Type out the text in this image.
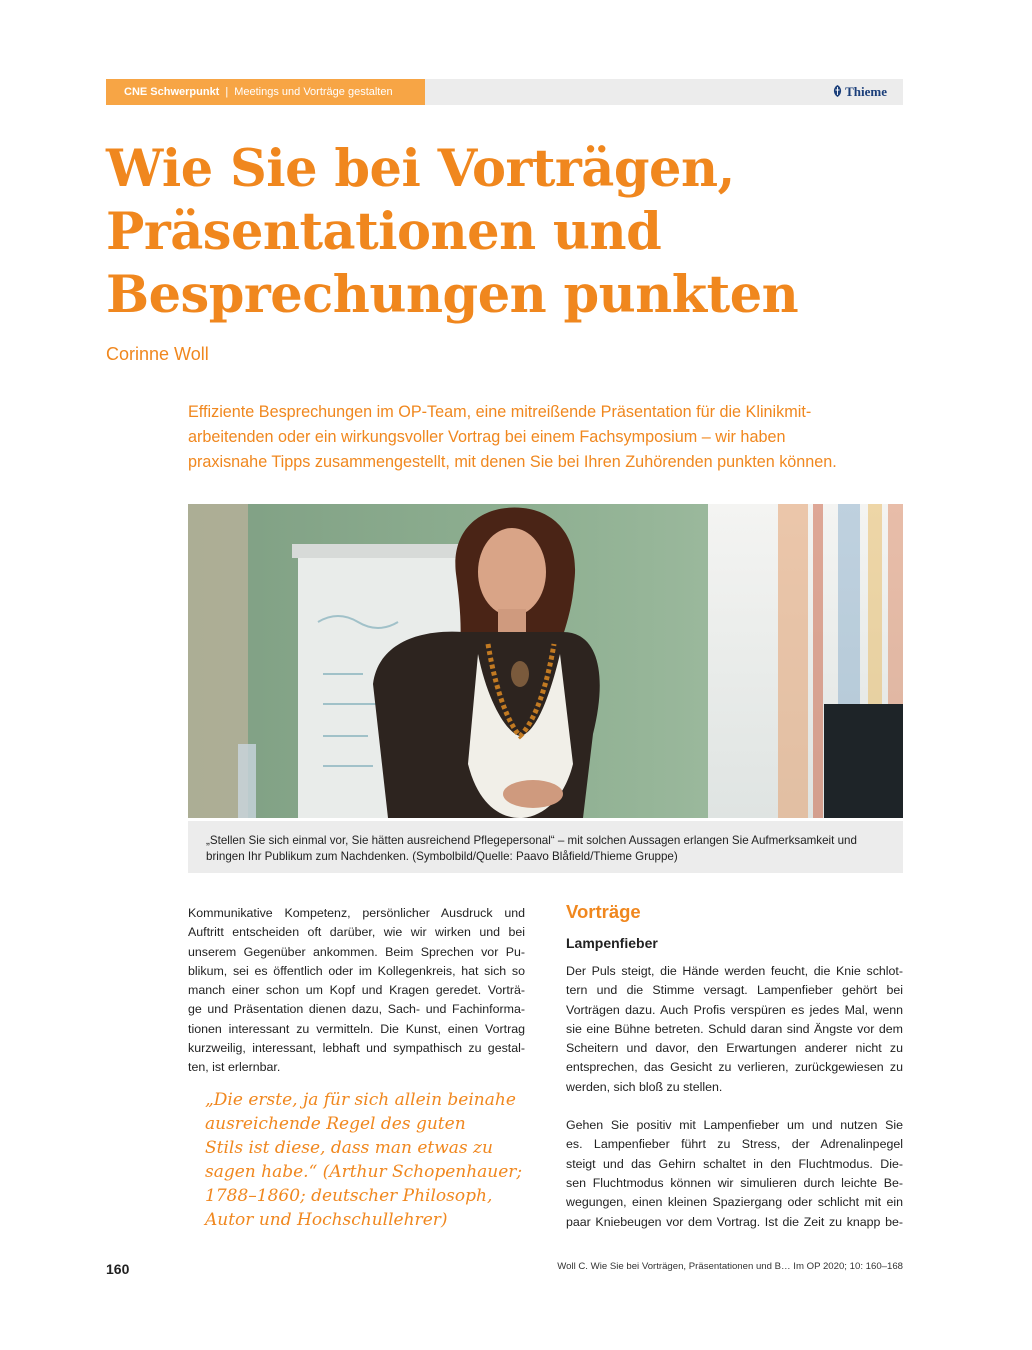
CNE Schwerpunkt | Meetings und Vorträge gestalten	Thieme
Wie Sie bei Vorträgen,
Präsentationen und
Besprechungen punkten
Corinne Woll
Effiziente Besprechungen im OP-Team, eine mitreißende Präsentation für die Klinikmit-
arbeitenden oder ein wirkungsvoller Vortrag bei einem Fachsymposium – wir haben
praxisnahe Tipps zusammengestellt, mit denen Sie bei Ihren Zuhörenden punkten können.
„Stellen Sie sich einmal vor, Sie hätten ausreichend Pflegepersonal“ – mit solchen Aussagen erlangen Sie Aufmerksamkeit und
bringen Ihr Publikum zum Nachdenken. (Symbolbild/Quelle: Paavo Blåfield/Thieme Gruppe)
Kommunikative Kompetenz, persönlicher Ausdruck und
Auftritt entscheiden oft darüber, wie wir wirken und bei
unserem Gegenüber ankommen. Beim Sprechen vor Pu-
blikum, sei es öffentlich oder im Kollegenkreis, hat sich so
manch einer schon um Kopf und Kragen geredet. Vorträ-
ge und Präsentation dienen dazu, Sach- und Fachinforma-
tionen interessant zu vermitteln. Die Kunst, einen Vortrag
kurzweilig, interessant, lebhaft und sympathisch zu gestal-
ten, ist erlernbar.
„Die erste, ja für sich allein beinahe
ausreichende Regel des guten
Stils ist diese, dass man etwas zu
sagen habe.“ (Arthur Schopenhauer;
1788–1860; deutscher Philosoph,
Autor und Hochschullehrer)
Vorträge
Lampenfieber
Der Puls steigt, die Hände werden feucht, die Knie schlot-
tern und die Stimme versagt. Lampenfieber gehört bei
Vorträgen dazu. Auch Profis verspüren es jedes Mal, wenn
sie eine Bühne betreten. Schuld daran sind Ängste vor dem
Scheitern und davor, den Erwartungen anderer nicht zu
entsprechen, das Gesicht zu verlieren, zurückgewiesen zu
werden, sich bloß zu stellen.
Gehen Sie positiv mit Lampenfieber um und nutzen Sie
es. Lampenfieber führt zu Stress, der Adrenalinpegel
steigt und das Gehirn schaltet in den Fluchtmodus. Die-
sen Fluchtmodus können wir simulieren durch leichte Be-
wegungen, einen kleinen Spaziergang oder schlicht mit ein
paar Kniebeugen vor dem Vortrag. Ist die Zeit zu knapp be-
160	Woll C. Wie Sie bei Vorträgen, Präsentationen und B… Im OP 2020; 10: 160–168
